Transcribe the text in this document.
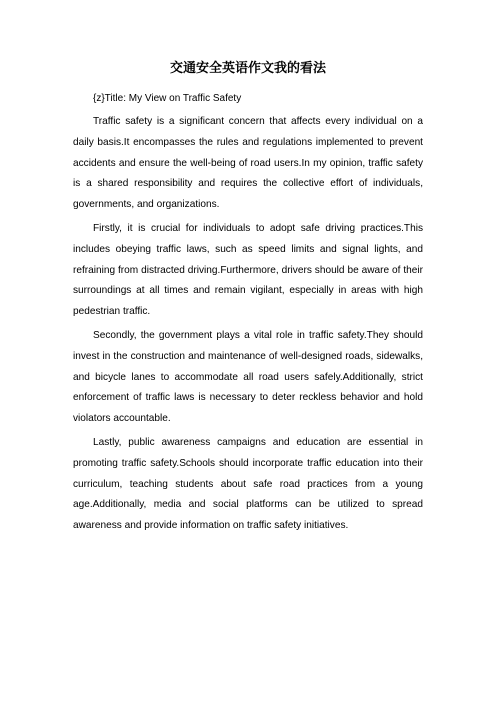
交通安全英语作文我的看法
{z}Title: My View on Traffic Safety

Traffic safety is a significant concern that affects every individual on a daily basis.It encompasses the rules and regulations implemented to prevent accidents and ensure the well-being of road users.In my opinion, traffic safety is a shared responsibility and requires the collective effort of individuals, governments, and organizations.

Firstly, it is crucial for individuals to adopt safe driving practices.This includes obeying traffic laws, such as speed limits and signal lights, and refraining from distracted driving.Furthermore, drivers should be aware of their surroundings at all times and remain vigilant, especially in areas with high pedestrian traffic.

Secondly, the government plays a vital role in traffic safety.They should invest in the construction and maintenance of well-designed roads, sidewalks, and bicycle lanes to accommodate all road users safely.Additionally, strict enforcement of traffic laws is necessary to deter reckless behavior and hold violators accountable.

Lastly, public awareness campaigns and education are essential in promoting traffic safety.Schools should incorporate traffic education into their curriculum, teaching students about safe road practices from a young age.Additionally, media and social platforms can be utilized to spread awareness and provide information on traffic safety initiatives.
